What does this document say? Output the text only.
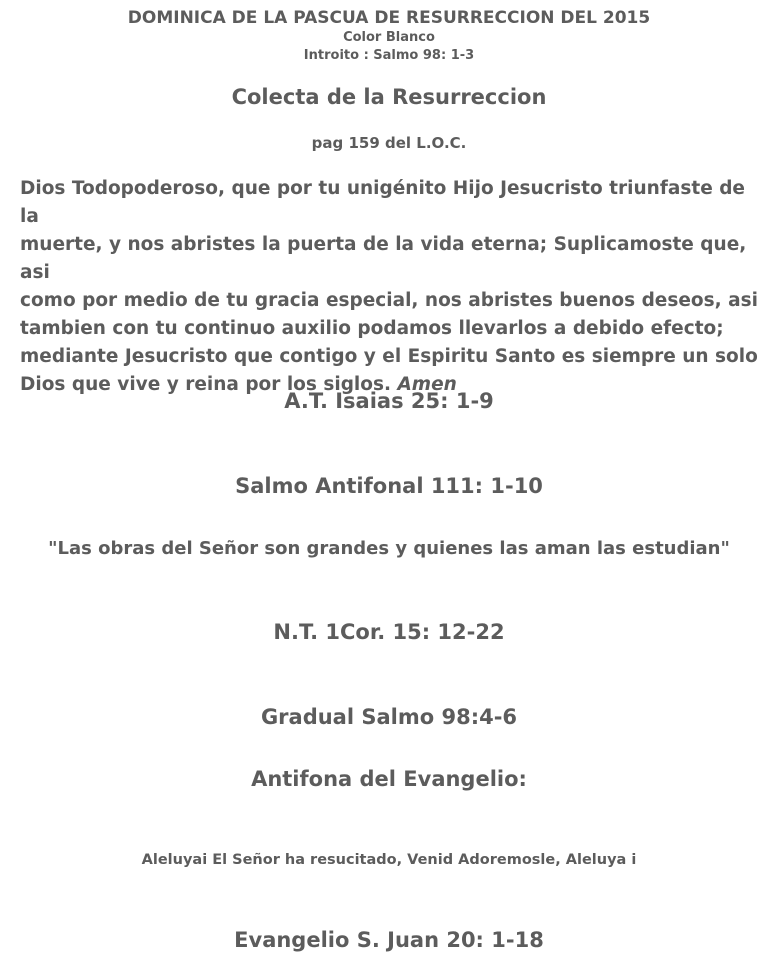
DOMINICA DE LA PASCUA DE RESURRECCION DEL 2015
Color Blanco
Introito : Salmo 98: 1-3
Colecta de la Resurreccion
pag 159 del L.O.C.
Dios Todopoderoso, que por tu unigénito Hijo Jesucristo triunfaste de la
muerte, y nos abristes la puerta de la vida eterna; Suplicamoste que, asi
como por medio de tu gracia especial, nos abristes buenos deseos, asi
tambien con tu continuo auxilio podamos llevarlos a debido efecto;
mediante Jesucristo que contigo y el Espiritu Santo es siempre un solo
Dios que vive y reina por los siglos. Amen
A.T. Isaias 25: 1-9
Salmo Antifonal 111: 1-10
"Las obras del Señor son grandes y quienes las aman las estudian"
N.T. 1Cor. 15: 12-22
Gradual Salmo 98:4-6
Antifona del Evangelio:
Aleluyai El Señor ha resucitado, Venid Adoremosle, Aleluya i
Evangelio S. Juan 20: 1-18
